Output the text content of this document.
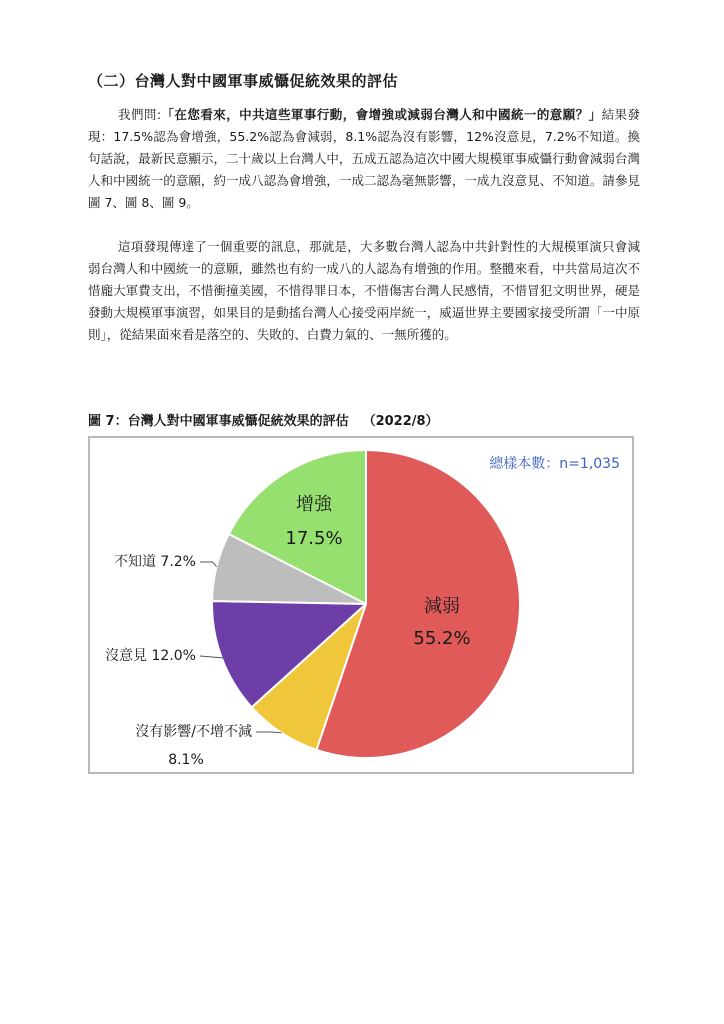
（二）台灣人對中國軍事威懾促統效果的評估

我們問:「在您看來，中共這些軍事行動，會增強或減弱台灣人和中國統一的意願？」結果發現：17.5%認為會增強，55.2%認為會減弱，8.1%認為沒有影響，12%沒意見，7.2%不知道。換句話說，最新民意顯示，二十歲以上台灣人中，五成五認為這次中國大規模軍事威懾行動會減弱台灣人和中國統一的意願，約一成八認為會增強，一成二認為毫無影響，一成九沒意見、不知道。請參見圖 7、圖 8、圖 9。

這項發現傳達了一個重要的訊息，那就是，大多數台灣人認為中共針對性的大規模軍演只會減弱台灣人和中國統一的意願，雖然也有約一成八的人認為有增強的作用。整體來看，中共當局這次不惜龐大軍費支出，不惜衝撞美國，不惜得罪日本，不惜傷害台灣人民感情，不惜冒犯文明世界，硬是發動大規模軍事演習，如果目的是動搖台灣人心接受兩岸統一，威逼世界主要國家接受所謂「一中原則」，從結果面來看是落空的、失敗的、白費力氣的、一無所獲的。

圖 7：台灣人對中國軍事威懾促統效果的評估 （2022/8）

總樣本數：n=1,035
減弱
55.2%
增強
17.5%
沒有影響/不增不減
8.1%
沒意見 12.0%
不知道 7.2%
